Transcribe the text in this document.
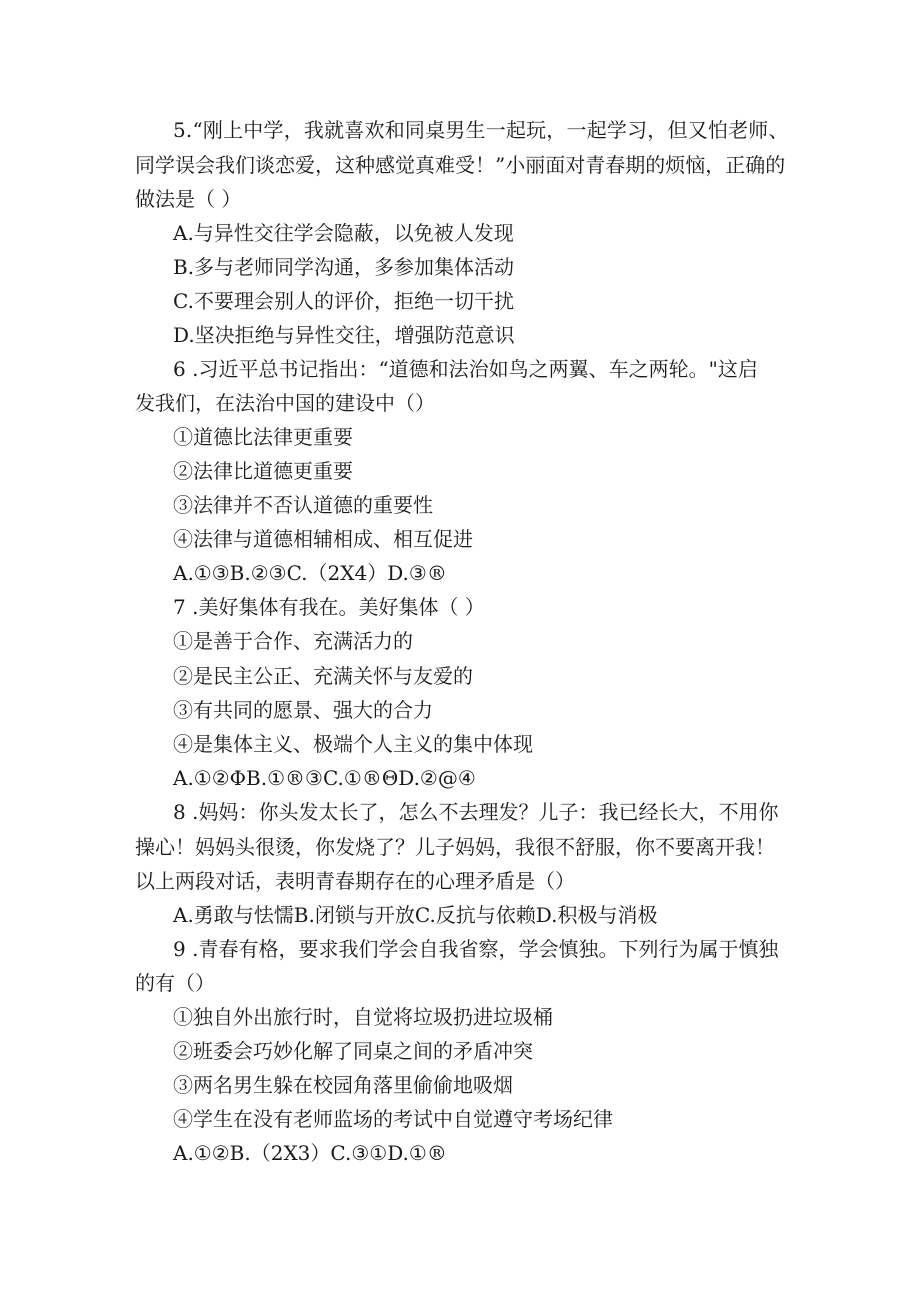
5.“刚上中学，我就喜欢和同桌男生一起玩，一起学习，但又怕老师、
同学误会我们谈恋爱，这种感觉真难受！”小丽面对青春期的烦恼，正确的
做法是（ ）
A.与异性交往学会隐蔽，以免被人发现
B.多与老师同学沟通，多参加集体活动
C.不要理会别人的评价，拒绝一切干扰
D.坚决拒绝与异性交往，增强防范意识
6 .习近平总书记指出：“道德和法治如鸟之两翼、车之两轮。"这启
发我们，在法治中国的建设中（）
①道德比法律更重要
②法律比道德更重要
③法律并不否认道德的重要性
④法律与道德相辅相成、相互促进
A.①③B.②③C.（2X4）D.③®
7 .美好集体有我在。美好集体（ ）
①是善于合作、充满活力的
②是民主公正、充满关怀与友爱的
③有共同的愿景、强大的合力
④是集体主义、极端个人主义的集中体现
A.①②ΦB.①®③C.①®ΘD.②@④
8 .妈妈：你头发太长了，怎么不去理发？儿子：我已经长大，不用你
操心！妈妈头很烫，你发烧了？儿子妈妈，我很不舒服，你不要离开我！
以上两段对话，表明青春期存在的心理矛盾是（）
A.勇敢与怯懦B.闭锁与开放C.反抗与依赖D.积极与消极
9 .青春有格，要求我们学会自我省察，学会慎独。下列行为属于慎独
的有（）
①独自外出旅行时，自觉将垃圾扔进垃圾桶
②班委会巧妙化解了同桌之间的矛盾冲突
③两名男生躲在校园角落里偷偷地吸烟
④学生在没有老师监场的考试中自觉遵守考场纪律
A.①②B.（2X3）C.③①D.①®
